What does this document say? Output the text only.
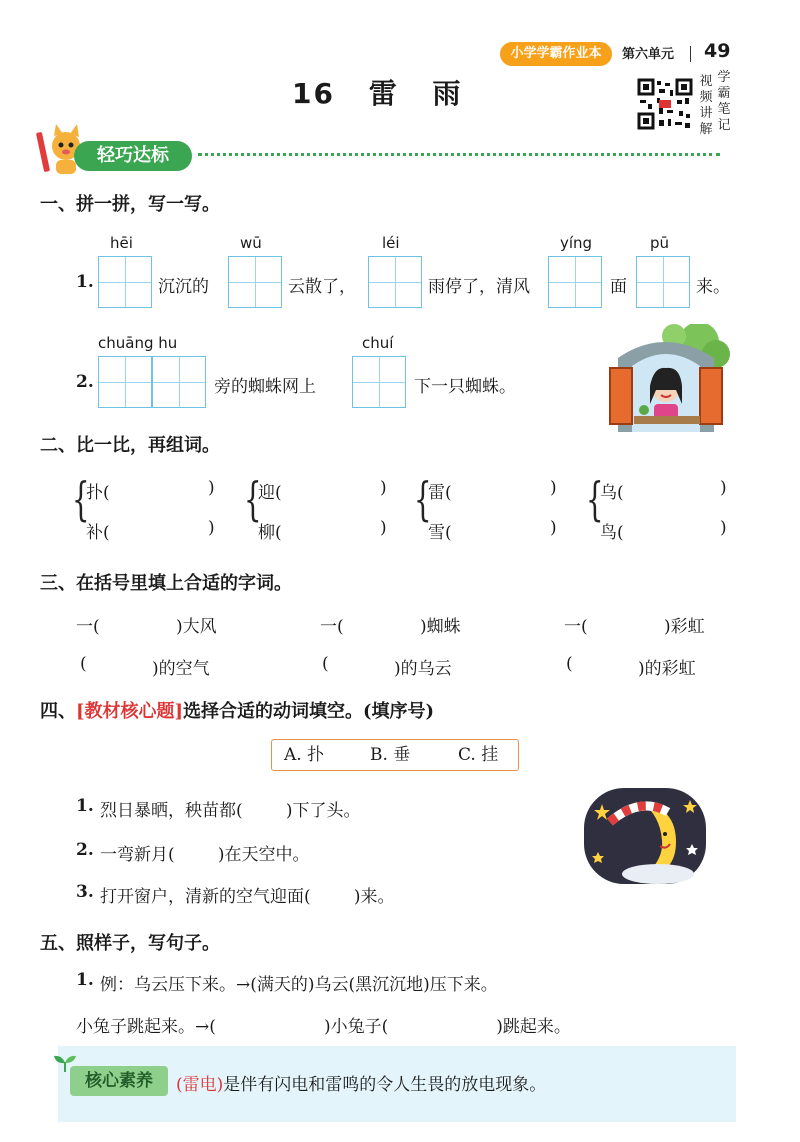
小学学霸作业本	第六单元 49
16 雷 雨	视
频
讲
解
学
霸
笔
记
轻巧达标
一、拼一拼，写一写。
hēi	wū	léi	yíng	pū
1.	沉沉的	云散了，	雨停了，清风	面	来。
chuāng hu	chuí
2.	旁的蜘蛛网上	下一只蜘蛛。
二、比一比，再组词。
{
扑(	)
补(	)
{
迎(	)
柳(	)
{
雷(	)
雪(	)
{
乌(	)
鸟(	)
三、在括号里填上合适的字词。
一(	)大风	一(	)蜘蛛	一(	)彩虹
(	)的空气	(	)的乌云	(	)的彩虹
四、[教材核心题]选择合适的动词填空。(填序号)
A. 扑	B. 垂	C. 挂
1. 烈日暴晒，秧苗都(        )下了头。
2. 一弯新月(        )在天空中。
3. 打开窗户，清新的空气迎面(        )来。
五、照样子，写句子。
1. 例：乌云压下来。→(满天的)乌云(黑沉沉地)压下来。
小兔子跳起来。→(                    )小兔子(                    )跳起来。
核心素养	(雷电)是伴有闪电和雷鸣的令人生畏的放电现象。
